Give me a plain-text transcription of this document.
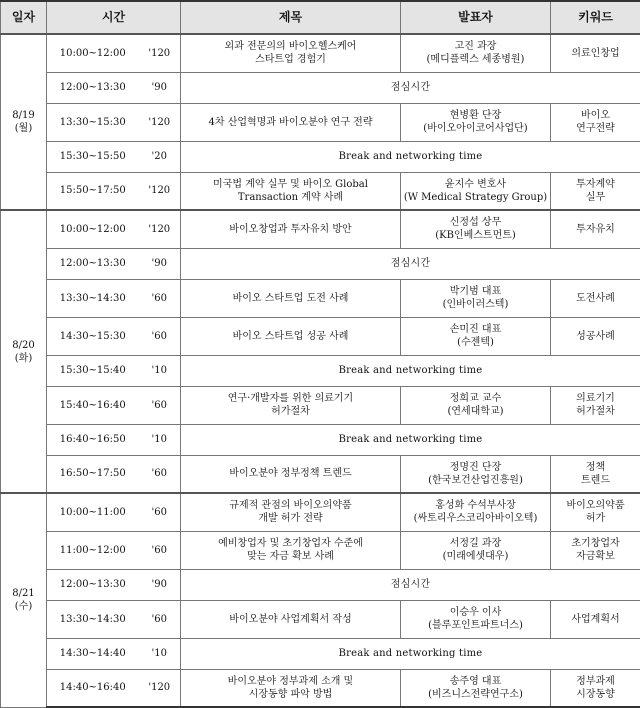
일자	시간		제목	발표자	키워드

8/19
(월)	10:00~12:00	'120	외과 전문의의 바이오헬스케어
스타트업 경험기	고진 과장
(메디플렉스 세종병원)	의료인창업

	12:00~13:30	'90	점심시간		
	13:30~15:30	'120	4차 산업혁명과 바이오분야 연구 전략	현병환 단장
(바이오아이코어사업단)	바이오
연구전략

	15:30~15:50	'20	Break and networking time		
	15:50~17:50	'120	미국법 계약 실무 및 바이오 Global
Transaction 계약 사례	윤지수 변호사
(W Medical Strategy Group)	투자계약
실무

8/20
(화)	10:00~12:00	'120	바이오창업과 투자유치 방안	신정섭 상무
(KB인베스트먼트)	투자유치

	12:00~13:30	'90	점심시간		
	13:30~14:30	'60	바이오 스타트업 도전 사례	박기범 대표
(인바이러스텍)	도전사례

	14:30~15:30	'60	바이오 스타트업 성공 사례	손미진 대표
(수젠텍)	성공사례

	15:30~15:40	'10	Break and networking time		
	15:40~16:40	'60	연구·개발자를 위한 의료기기
허가절차	정희교 교수
(연세대학교)	의료기기
허가절차

	16:40~16:50	'10	Break and networking time		
	16:50~17:50	'60	바이오분야 정부정책 트렌드	정명진 단장
(한국보건산업진흥원)	정책
트렌드

8/21
(수)	10:00~11:00	'60	규제적 관점의 바이오의약품
개발 허가 전략	홍성화 수석부사장
(싸토리우스코리아바이오텍)	바이오의약품
허가

	11:00~12:00	'60	예비창업자 및 초기창업자 수준에
맞는 자금 확보 사례	서정길 과장
(미래에셋대우)	초기창업자
자금확보

	12:00~13:30	'90	점심시간		
	13:30~14:30	'60	바이오분야 사업계획서 작성	이승우 이사
(블루포인트파트너스)	사업계획서

	14:30~14:40	'10	Break and networking time		
	14:40~16:40	'120	바이오분야 정부과제 소개 및
시장동향 파악 방법	송주영 대표
(비즈니스전략연구소)	정부과제
시장동향
